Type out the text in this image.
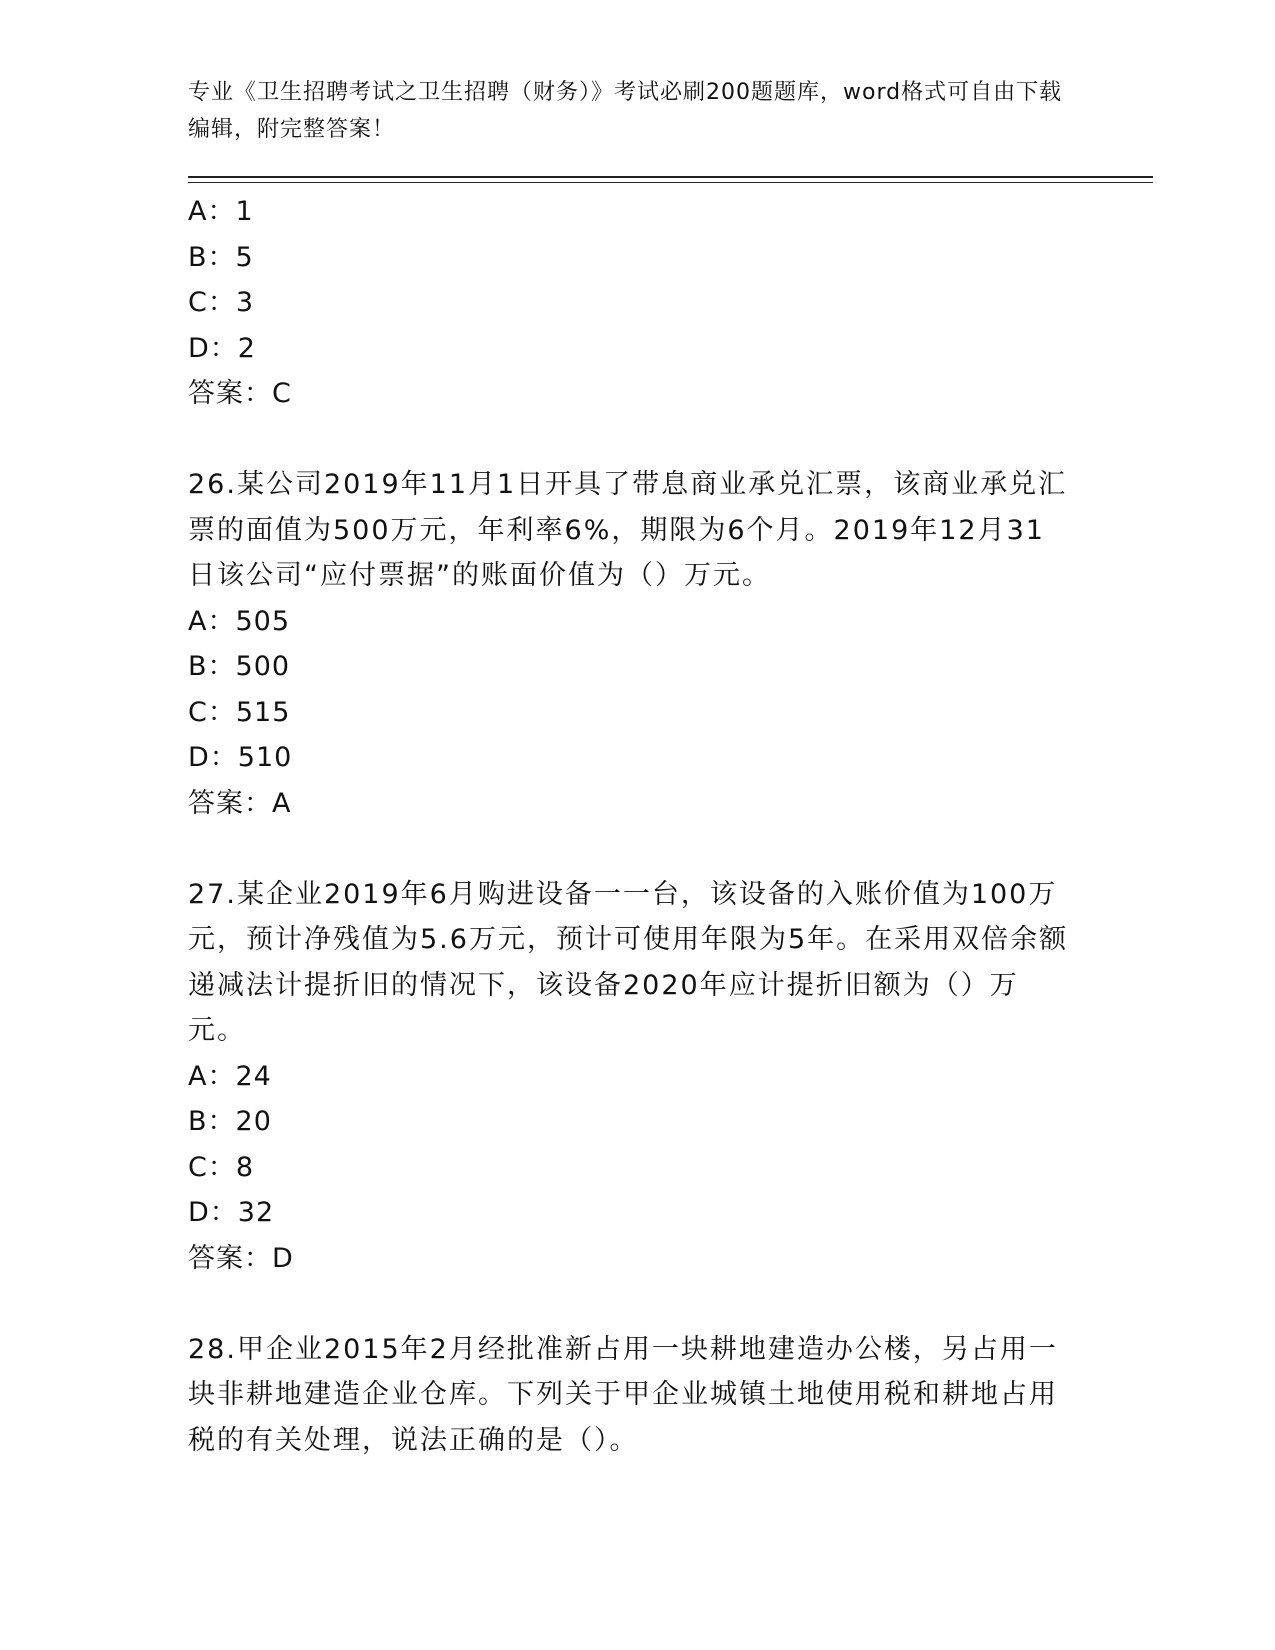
专业《卫生招聘考试之卫生招聘（财务）》考试必刷200题题库，word格式可自由下载编辑，附完整答案！
A：1
B：5
C：3
D：2
答案：C
26.某公司2019年11月1日开具了带息商业承兑汇票，该商业承兑汇票的面值为500万元，年利率6%，期限为6个月。2019年12月31日该公司“应付票据”的账面价值为（）万元。
A：505
B：500
C：515
D：510
答案：A
27.某企业2019年6月购进设备一一台，该设备的入账价值为100万元，预计净残值为5.6万元，预计可使用年限为5年。在采用双倍余额递减法计提折旧的情况下，该设备2020年应计提折旧额为（）万元。
A：24
B：20
C：8
D：32
答案：D
28.甲企业2015年2月经批准新占用一块耕地建造办公楼，另占用一块非耕地建造企业仓库。下列关于甲企业城镇土地使用税和耕地占用税的有关处理，说法正确的是（）。
